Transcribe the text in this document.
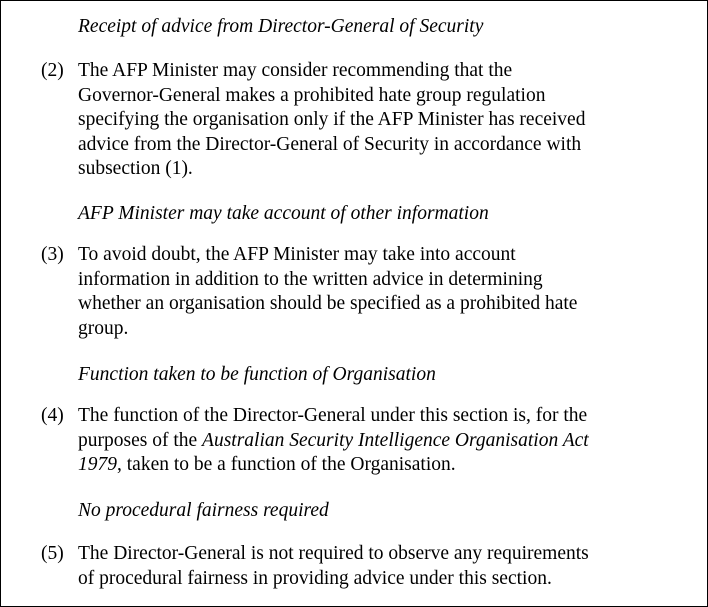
Receipt of advice from Director-General of Security
(2) The AFP Minister may consider recommending that the
Governor-General makes a prohibited hate group regulation
specifying the organisation only if the AFP Minister has received
advice from the Director-General of Security in accordance with
subsection (1).
AFP Minister may take account of other information
(3) To avoid doubt, the AFP Minister may take into account
information in addition to the written advice in determining
whether an organisation should be specified as a prohibited hate
group.
Function taken to be function of Organisation
(4) The function of the Director-General under this section is, for the
purposes of the Australian Security Intelligence Organisation Act
1979, taken to be a function of the Organisation.
No procedural fairness required
(5) The Director-General is not required to observe any requirements
of procedural fairness in providing advice under this section.
